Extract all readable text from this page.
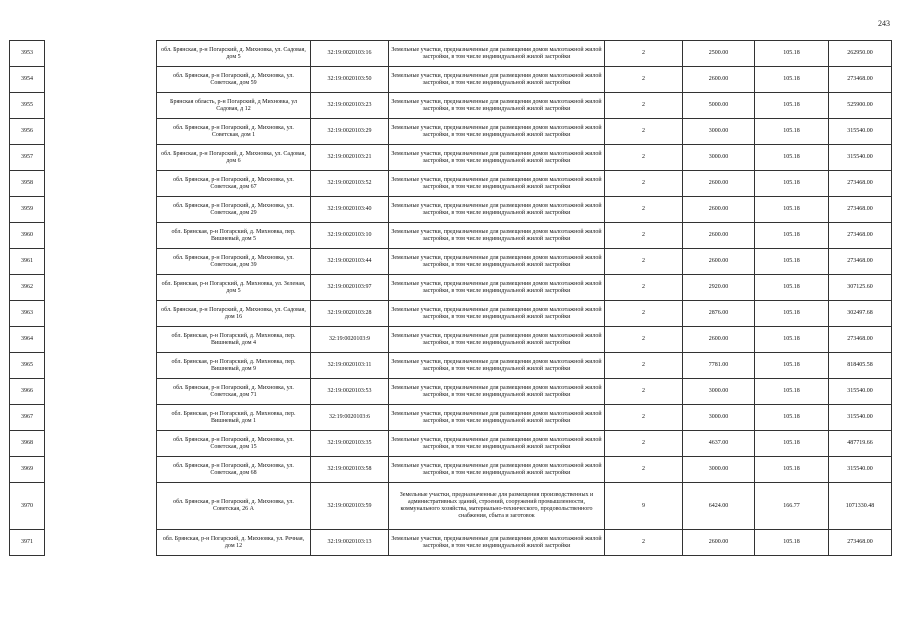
243
3953		обл. Брянская, р-н Погарский, д. Михновка, ул. Садовая, дом 5	32:19:0020103:16	Земельные участки, предназначенные для размещения домов малоэтажной жилой застройки, в том числе индивидуальной жилой застройки	2	2500.00	105.18	262950.00
3954		обл. Брянская, р-н Погарский, д. Михновка, ул. Советская, дом 59	32:19:0020103:50	Земельные участки, предназначенные для размещения домов малоэтажной жилой застройки, в том числе индивидуальной жилой застройки	2	2600.00	105.18	273468.00
3955		Брянская область, р-н Погарский, д Михновка, ул Садовая, д 12	32:19:0020103:23	Земельные участки, предназначенные для размещения домов малоэтажной жилой застройки, в том числе индивидуальной жилой застройки	2	5000.00	105.18	525900.00
3956		обл. Брянская, р-н Погарский, д. Михновка, ул. Советская, дом 1	32:19:0020103:29	Земельные участки, предназначенные для размещения домов малоэтажной жилой застройки, в том числе индивидуальной жилой застройки	2	3000.00	105.18	315540.00
3957		обл. Брянская, р-н Погарский, д. Михновка, ул. Садовая, дом 6	32:19:0020103:21	Земельные участки, предназначенные для размещения домов малоэтажной жилой застройки, в том числе индивидуальной жилой застройки	2	3000.00	105.18	315540.00
3958		обл. Брянская, р-н Погарский, д. Михновка, ул. Советская, дом 67	32:19:0020103:52	Земельные участки, предназначенные для размещения домов малоэтажной жилой застройки, в том числе индивидуальной жилой застройки	2	2600.00	105.18	273468.00
3959		обл. Брянская, р-н Погарский, д. Михновка, ул. Советская, дом 29	32:19:0020103:40	Земельные участки, предназначенные для размещения домов малоэтажной жилой застройки, в том числе индивидуальной жилой застройки	2	2600.00	105.18	273468.00
3960		обл. Брянская, р-н Погарский, д. Михновка, пер. Вишневый, дом 5	32:19:0020103:10	Земельные участки, предназначенные для размещения домов малоэтажной жилой застройки, в том числе индивидуальной жилой застройки	2	2600.00	105.18	273468.00
3961		обл. Брянская, р-н Погарский, д. Михновка, ул. Советская, дом 39	32:19:0020103:44	Земельные участки, предназначенные для размещения домов малоэтажной жилой застройки, в том числе индивидуальной жилой застройки	2	2600.00	105.18	273468.00
3962		обл. Брянская, р-н Погарский, д. Михновка, ул. Зеленая, дом 5	32:19:0020103:97	Земельные участки, предназначенные для размещения домов малоэтажной жилой застройки, в том числе индивидуальной жилой застройки	2	2920.00	105.18	307125.60
3963		обл. Брянская, р-н Погарский, д. Михновка, ул. Садовая, дом 16	32:19:0020103:28	Земельные участки, предназначенные для размещения домов малоэтажной жилой застройки, в том числе индивидуальной жилой застройки	2	2876.00	105.18	302497.68
3964		обл. Брянская, р-н Погарский, д. Михновка, пер. Вишневый, дом 4	32:19:0020103:9	Земельные участки, предназначенные для размещения домов малоэтажной жилой застройки, в том числе индивидуальной жилой застройки	2	2600.00	105.18	273468.00
3965		обл. Брянская, р-н Погарский, д. Михновка, пер. Вишневый, дом 9	32:19:0020103:11	Земельные участки, предназначенные для размещения домов малоэтажной жилой застройки, в том числе индивидуальной жилой застройки	2	7781.00	105.18	818405.58
3966		обл. Брянская, р-н Погарский, д. Михновка, ул. Советская, дом 71	32:19:0020103:53	Земельные участки, предназначенные для размещения домов малоэтажной жилой застройки, в том числе индивидуальной жилой застройки	2	3000.00	105.18	315540.00
3967		обл. Брянская, р-н Погарский, д. Михновка, пер. Вишневый, дом 1	32:19:0020103:6	Земельные участки, предназначенные для размещения домов малоэтажной жилой застройки, в том числе индивидуальной жилой застройки	2	3000.00	105.18	315540.00
3968		обл. Брянская, р-н Погарский, д. Михновка, ул. Советская, дом 15	32:19:0020103:35	Земельные участки, предназначенные для размещения домов малоэтажной жилой застройки, в том числе индивидуальной жилой застройки	2	4637.00	105.18	487719.66
3969		обл. Брянская, р-н Погарский, д. Михновка, ул. Советская, дом 68	32:19:0020103:58	Земельные участки, предназначенные для размещения домов малоэтажной жилой застройки, в том числе индивидуальной жилой застройки	2	3000.00	105.18	315540.00
3970		обл. Брянская, р-н Погарский, д. Михновка, ул. Советская, 26 А	32:19:0020103:59	Земельные участки, предназначенные для размещения производственных и административных зданий, строений, сооружений промышленности, коммунального хозяйства, материально-технического, продовольственного снабжения, сбыта и заготовок	9	6424.00	166.77	1071330.48
3971		обл. Брянская, р-н Погарский, д. Михновка, ул. Речная, дом 12	32:19:0020103:13	Земельные участки, предназначенные для размещения домов малоэтажной жилой застройки, в том числе индивидуальной жилой застройки	2	2600.00	105.18	273468.00
